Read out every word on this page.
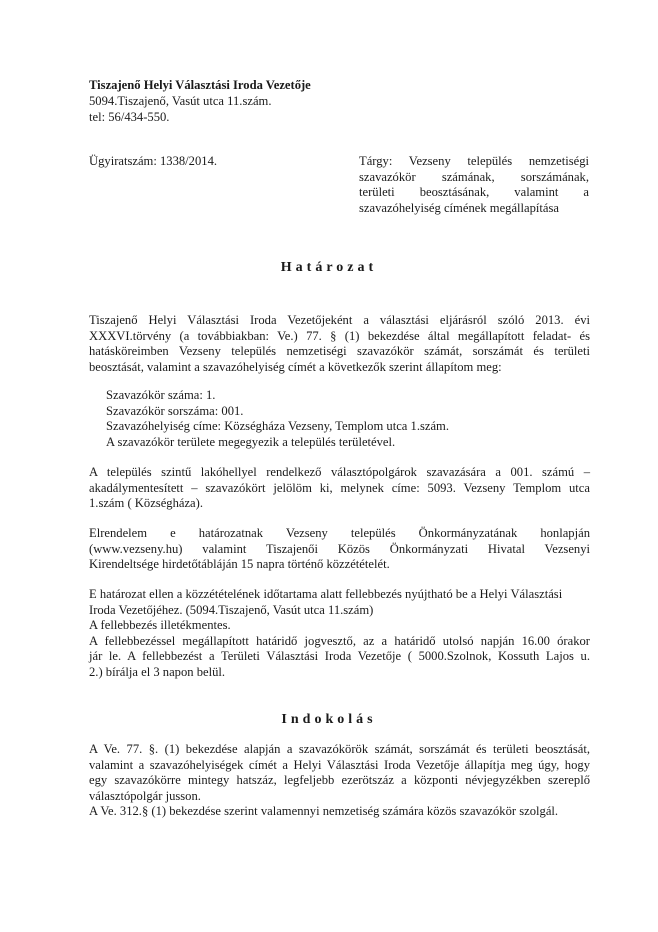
Tiszajenő Helyi Választási Iroda Vezetője
5094.Tiszajenő, Vasút utca 11.szám.
tel: 56/434-550.
Ügyiratszám: 1338/2014.	Tárgy: Vezseny település nemzetiségi
szavazókör számának, sorszámának,
területi beosztásának, valamint a
szavazóhelyiség címének megállapítása
Határozat
Tiszajenő Helyi Választási Iroda Vezetőjeként a választási eljárásról szóló 2013. évi
XXXVI.törvény (a továbbiakban: Ve.) 77. § (1) bekezdése által megállapított feladat- és
hatásköreimben Vezseny település nemzetiségi szavazókör számát, sorszámát és területi
beosztását, valamint a szavazóhelyiség címét a következők szerint állapítom meg:
Szavazókör száma: 1.
Szavazókör sorszáma: 001.
Szavazóhelyiség címe: Községháza Vezseny, Templom utca 1.szám.
A szavazókör területe megegyezik a település területével.
A település szintű lakóhellyel rendelkező választópolgárok szavazására a 001. számú –
akadálymentesített – szavazókört jelölöm ki, melynek címe: 5093. Vezseny Templom utca
1.szám ( Községháza).
Elrendelem e határozatnak Vezseny település Önkormányzatának honlapján
(www.vezseny.hu) valamint Tiszajenői Közös Önkormányzati Hivatal Vezsenyi
Kirendeltsége hirdetőtábláján 15 napra történő közzétételét.
E határozat ellen a közzétételének időtartama alatt fellebbezés nyújtható be a Helyi Választási
Iroda Vezetőjéhez. (5094.Tiszajenő, Vasút utca 11.szám)
A fellebbezés illetékmentes.
A fellebbezéssel megállapított határidő jogvesztő, az a határidő utolsó napján 16.00 órakor
jár le. A fellebbezést a Területi Választási Iroda Vezetője ( 5000.Szolnok, Kossuth Lajos u.
2.) bírálja el 3 napon belül.
Indokolás
A Ve. 77. §. (1) bekezdése alapján a szavazókörök számát, sorszámát és területi beosztását,
valamint a szavazóhelyiségek címét a Helyi Választási Iroda Vezetője állapítja meg úgy, hogy
egy szavazókörre mintegy hatszáz, legfeljebb ezerötszáz a központi névjegyzékben szereplő
választópolgár jusson.
A Ve. 312.§ (1) bekezdése szerint valamennyi nemzetiség számára közös szavazókör szolgál.
